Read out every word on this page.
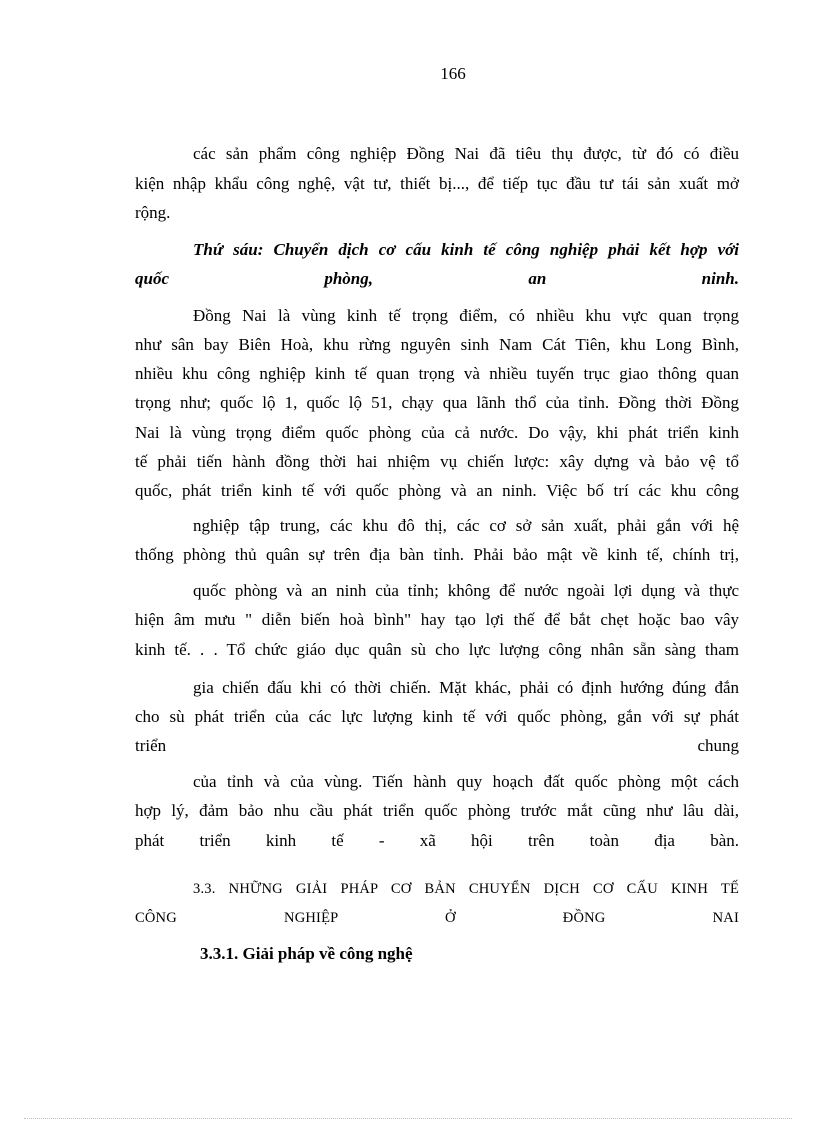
166
các sản phẩm công nghiệp Đồng Nai đã tiêu thụ được, từ đó có điều
kiện nhập khẩu công nghệ, vật tư, thiết bị..., để tiếp tục đầu tư tái sản xuất mở
rộng.
Thứ sáu: Chuyển dịch cơ cấu kinh tế công nghiệp phải kết hợp với
quốc phòng, an ninh.
Đồng Nai là vùng kinh tế trọng điểm, có nhiều khu vực quan trọng
như sân bay Biên Hoà, khu rừng nguyên sinh Nam Cát Tiên, khu Long Bình,
nhiều khu công nghiệp kinh tế quan trọng và nhiều tuyến trục giao thông quan
trọng như; quốc lộ 1, quốc lộ 51, chạy qua lãnh thổ của tỉnh. Đồng thời Đồng
Nai là vùng trọng điểm quốc phòng của cả nước. Do vậy, khi phát triển kinh
tế phải tiến hành đồng thời hai nhiệm vụ chiến lược: xây dựng và bảo vệ tổ
quốc, phát triển kinh tế với quốc phòng và an ninh. Việc bố trí các khu công
nghiệp tập trung, các khu đô thị, các cơ sở sản xuất, phải gắn với hệ
thống phòng thủ quân sự trên địa bàn tỉnh. Phải bảo mật về kinh tế, chính trị,
quốc phòng và an ninh của tỉnh; không để nước ngoài lợi dụng và thực
hiện âm mưu " diễn biến hoà bình" hay tạo lợi thế để bắt chẹt hoặc bao vây
kinh tế. . . Tổ chức giáo dục quân sù cho lực lượng công nhân sẵn sàng tham
gia chiến đấu khi có thời chiến. Mặt khác, phải có định hướng đúng đắn
cho sù phát triển của các lực lượng kinh tế với quốc phòng, gắn với sự phát
triển chung
của tỉnh và của vùng. Tiến hành quy hoạch đất quốc phòng một cách
hợp lý, đảm bảo nhu cầu phát triển quốc phòng trước mắt cũng như lâu dài,
phát triển kinh tế - xã hội trên toàn địa bàn.
3.3. NHỮNG GIẢI PHÁP CƠ BẢN CHUYỂN DỊCH CƠ CẤU KINH TẾ
CÔNG NGHIỆP Ở ĐỒNG NAI
3.3.1. Giải pháp về công nghệ
